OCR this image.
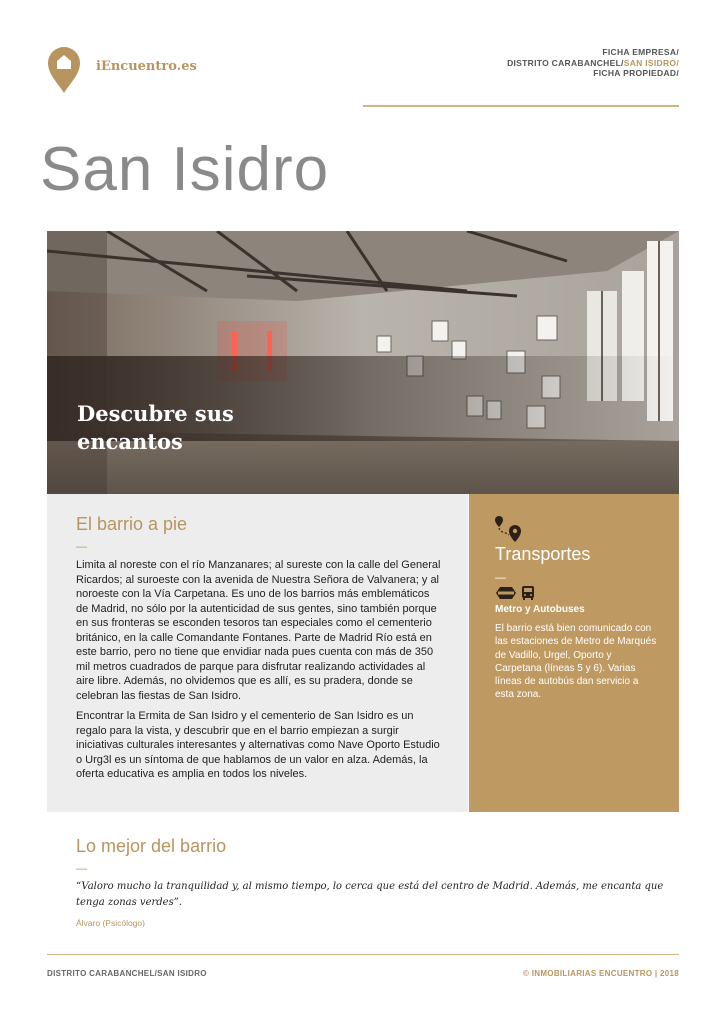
iEncuentro.es
FICHA EMPRESA/
DISTRITO CARABANCHEL/SAN ISIDRO/
FICHA PROPIEDAD/
San Isidro
Descubre sus
encantos
El barrio a pie
—

Limita al noreste con el río Manzanares; al sureste con la calle del General Ricardos; al suroeste con la avenida de Nuestra Señora de Valvanera; y al noroeste con la Vía Carpetana. Es uno de los barrios más emblemáticos de Madrid, no sólo por la autenticidad de sus gentes, sino también porque en sus fronteras se esconden tesoros tan especiales como el cementerio británico, en la calle Comandante Fontanes. Parte de Madrid Río está en este barrio, pero no tiene que envidiar nada pues cuenta con más de 350 mil metros cuadrados de parque para disfrutar realizando actividades al aire libre. Además, no olvidemos que es allí, es su pradera, donde se celebran las fiestas de San Isidro.

Encontrar la Ermita de San Isidro y el cementerio de San Isidro es un regalo para la vista, y descubrir que en el barrio empiezan a surgir iniciativas culturales interesantes y alternativas como Nave Oporto Estudio o Urg3l es un síntoma de que hablamos de un valor en alza. Además, la oferta educativa es amplia en todos los niveles.

Transportes
—
Metro y Autobuses
El barrio está bien comunicado con las estaciones de Metro de Marqués de Vadillo, Urgel, Oporto y Carpetana (líneas 5 y 6). Varias líneas de autobús dan servicio a esta zona.
Lo mejor del barrio
—
“Valoro mucho la tranquilidad y, al mismo tiempo, lo cerca que está del centro de Madrid. Además, me encanta que tenga zonas verdes”.
Álvaro (Psicólogo)
DISTRITO CARABANCHEL/SAN ISIDRO	© INMOBILIARIAS ENCUENTRO | 2018
